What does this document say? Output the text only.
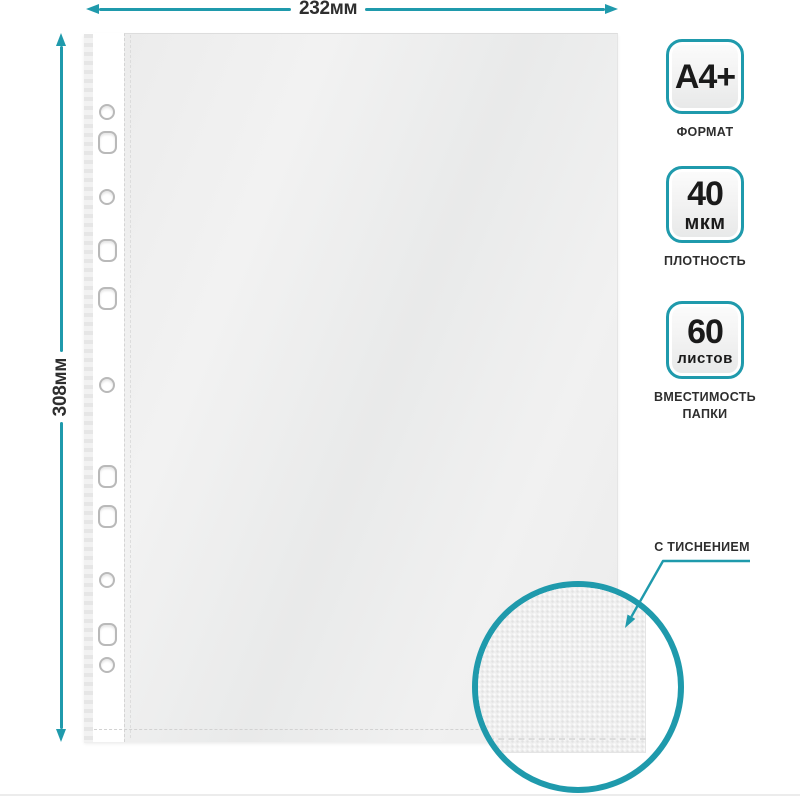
232мм
308мм
С ТИСНЕНИЕМ
A4+
ФОРМАТ
40
мкм
ПЛОТНОСТЬ
60
листов
ВМЕСТИМОСТЬ ПАПКИ
